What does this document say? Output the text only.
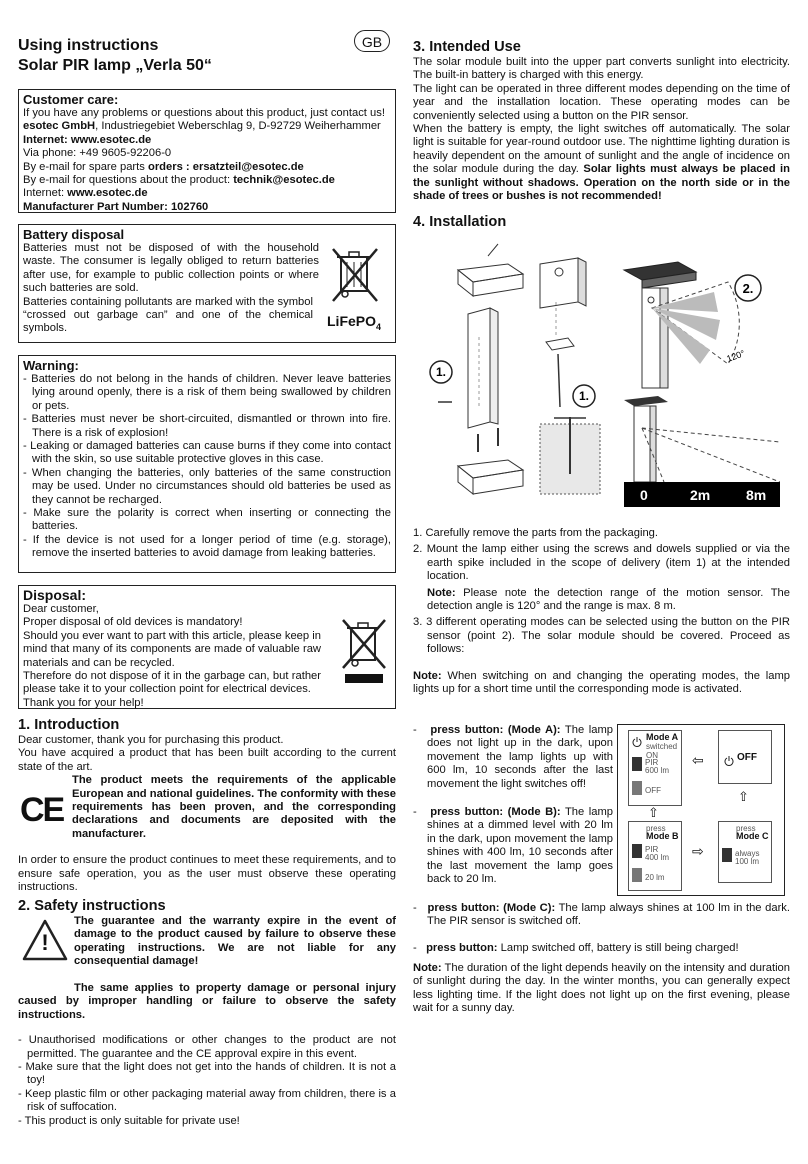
Using instructions
Solar PIR lamp „Verla 50“
Customer care:

If you have any problems or questions about this product, just contact us!

esotec GmbH, Industriegebiet Weberschlag 9, D-92729 Weiherhammer

Internet: www.esotec.de

Via phone: +49 9605-92206-0

By e-mail for spare parts orders : ersatzteil@esotec.de

By e-mail for questions about the product: technik@esotec.de

Internet: www.esotec.de

Manufacturer Part Number: 102760

Battery disposal

Batteries must not be disposed of with the household waste. The consumer is legally obliged to return batteries after use, for example to public collection points or where such batteries are sold.

Batteries containing pollutants are marked with the symbol “crossed out garbage can” and one of the chemical symbols.	LiFePO$_4$
Warning:
- Batteries do not belong in the hands of children. Never leave batteries lying around openly, there is a risk of them being swallowed by children or pets.
- Batteries must never be short-circuited, dismantled or thrown into fire. There is a risk of explosion!
- Leaking or damaged batteries can cause burns if they come into contact with the skin, so use suitable protective gloves in this case.
- When changing the batteries, only batteries of the same construction may be used. Under no circumstances should old batteries be used as they cannot be recharged.
- Make sure the polarity is correct when inserting or connecting the batteries.
- If the device is not used for a longer period of time (e.g. storage), remove the inserted batteries to avoid damage from leaking batteries.
Disposal:

Dear customer,

Proper disposal of old devices is mandatory!

Should you ever want to part with this article, please keep in mind that many of its components are made of valuable raw materials and can be recycled.

Therefore do not dispose of it in the garbage can, but rather please take it to your collection point for electrical devices.

Thank you for your help!

1. Introduction

Dear customer, thank you for purchasing this product.

You have acquired a product that has been built according to the current state of the art.

CE

The product meets the requirements of the applicable European and national guidelines. The conformity with these requirements has been proven, and the corresponding declarations and documents are deposited with the manufacturer.

In order to ensure the product continues to meet these requirements, and to ensure safe operation, you as the user must observe these operating instructions.

2. Safety instructions
!

The guarantee and the warranty expire in the event of damage to the product caused by failure to observe these operating instructions. We are not liable for any consequential damage!

The same applies to property damage or personal injury caused by improper handling or failure to observe the safety instructions.

- Unauthorised modifications or other changes to the product are not permitted. The guarantee and the CE approval expire in this event.
- Make sure that the light does not get into the hands of children. It is not a toy!
- Keep plastic film or other packaging material away from children, there is a risk of suffocation.
- This product is only suitable for private use!
GB	3. Intended Use

The solar module built into the upper part converts sunlight into electricity. The built-in battery is charged with this energy.

The light can be operated in three different modes depending on the time of year and the installation location. These operating modes can be conveniently selected using a button on the PIR sensor.

When the battery is empty, the light switches off automatically. The solar light is suitable for year-round outdoor use. The nighttime lighting duration is heavily dependent on the amount of sunlight and the angle of incidence on the solar module during the day. Solar lights must always be placed in the sunlight without shadows. Operation on the north side or in the shade of trees or bushes is not recommended!

4. Installation
120°
1.
1.
2.
0	2m	8m
1. Carefully remove the parts from the packaging.
2. Mount the lamp either using the screws and dowels supplied or via the earth spike included in the scope of delivery (item 1) at the intended location.

Note: Please note the detection range of the motion sensor. The detection angle is 120° and the range is max. 8 m.

3. 3 different operating modes can be selected using the button on the PIR sensor (point 2). The solar module should be covered. Proceed as follows:

Note: When switching on and changing the operating modes, the lamp lights up for a short time until the corresponding mode is activated.

-   press button: (Mode A): The lamp does not light up in the dark, upon movement the lamp lights up with 600 lm, 10 seconds after the last movement the light switches off!

-   press button: (Mode B): The lamp shines at a dimmed level with 20 lm in the dark, upon movement the lamp shines with 400 lm, 10 seconds after the last movement the lamp goes back to 20 lm.

Mode A
switched ON
PIR
600 lm
OFF
⇦	OFF
⇧
⇧
press
Mode B
PIR
400 lm
20 lm
⇨
press
Mode C
always
100 lm

-   press button: (Mode C): The lamp always shines at 100 lm in the dark. The PIR sensor is switched off.

-   press button: Lamp switched off, battery is still being charged!

Note: The duration of the light depends heavily on the intensity and duration of sunlight during the day. In the winter months, you can generally expect less lighting time. If the light does not light up on the first evening, please wait for a sunny day.
